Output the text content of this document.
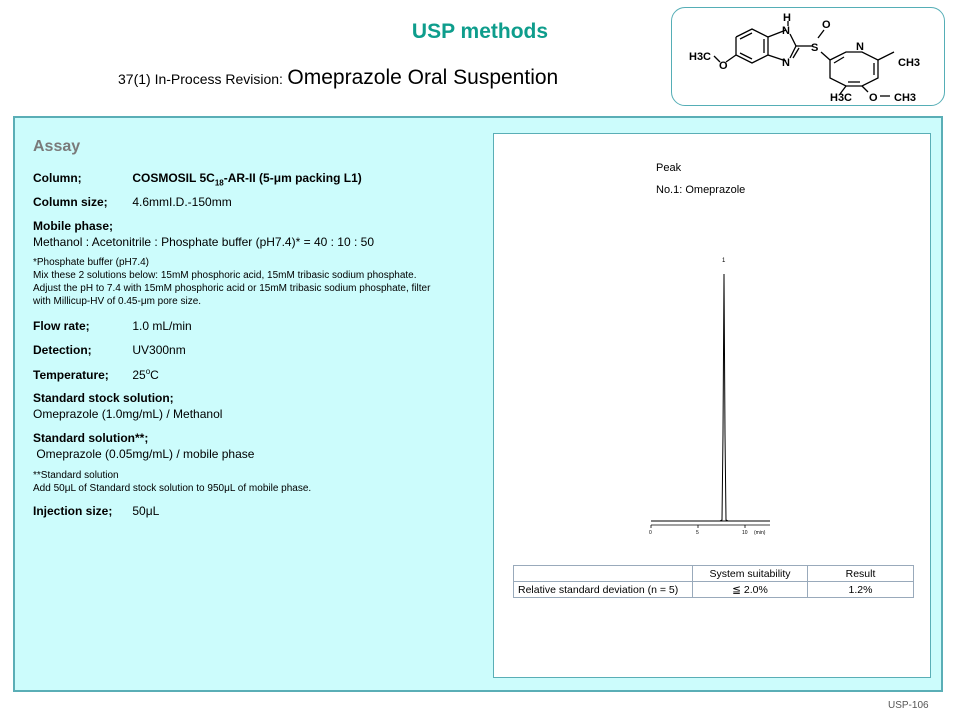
USP methods
37(1) In-Process Revision: Omeprazole Oral Suspention
H
N
N
S
O
N
H3C
O	CH3
H3C O CH3
Assay
Column;	COSMOSIL $5C_{18}-AR-II$ (5-μm packing L1)
Column size; 4.6mmI.D.-150mm
Mobile phase;
Methanol : Acetonitrile : Phosphate buffer (pH7.4)* = 40 : 10 : 50
*Phosphate buffer (pH7.4)
Mix these 2 solutions below: 15mM phosphoric acid, 15mM tribasic sodium phosphate.
Adjust the pH to 7.4 with 15mM phosphoric acid or 15mM tribasic sodium phosphate, filter
with Millicup-HV of 0.45-μm pore size.
Flow rate;	1.0 mL/min
Detection;	UV300nm
Temperature; 25$^o$C
Standard stock solution;
Omeprazole (1.0mg/mL) / Methanol
Standard solution**;
Omeprazole (0.05mg/mL) / mobile phase
**Standard solution
Add 50μL of Standard stock solution to 950μL of mobile phase.
Injection size; 50μL
Peak
No.1: Omeprazole
0	5	10 (min)
1
	System suitability	Result
Relative standard deviation (n = 5)	≦ 2.0%	1.2%
USP-106
